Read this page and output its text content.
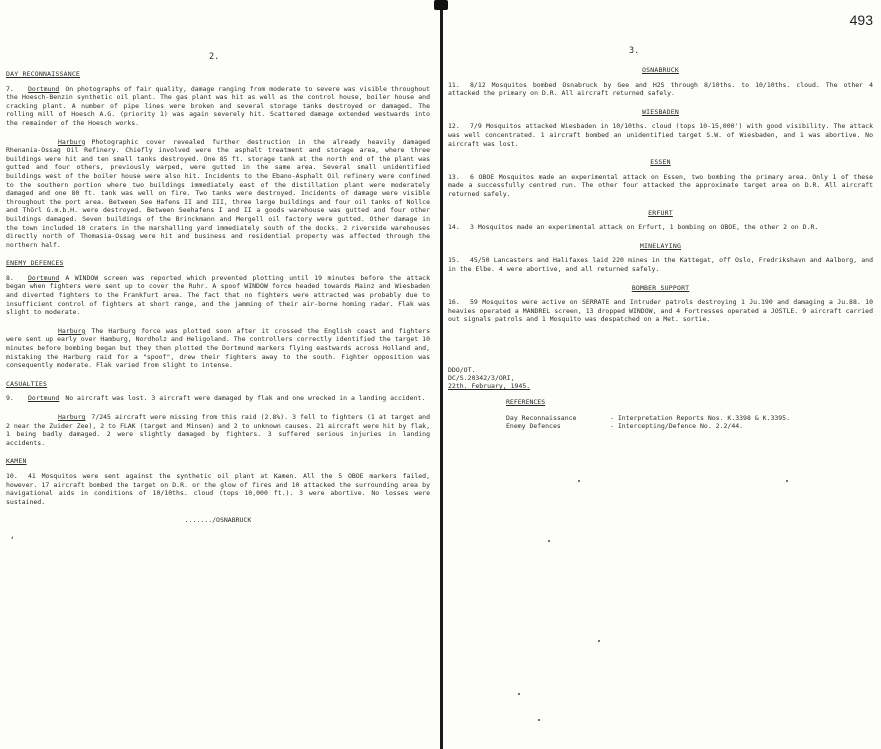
493
2.
3.
DAY RECONNAISSANCE
7. Dortmund On photographs of fair quality, damage ranging from moderate to severe was visible throughout the Hoesch-Benzin synthetic oil plant. The gas plant was hit as well as the control house, boiler house and cracking plant. A number of pipe lines were broken and several storage tanks destroyed or damaged. The rolling mill of Hoesch A.G. (priority 1) was again severely hit. Scattered damage extended westwards into the remainder of the Hoesch works.
Harburg Photographic cover revealed further destruction in the already heavily damaged Rhenania-Ossag Oil Refinery. Chiefly involved were the asphalt treatment and storage area, where three buildings were hit and ten small tanks destroyed. One 85 ft. storage tank at the north end of the plant was gutted and four others, previously warped, were gutted in the same area. Several small unidentified buildings west of the boiler house were also hit. Incidents to the Ebano-Asphalt Oil refinery were confined to the southern portion where two buildings immediately east of the distillation plant were moderately damaged and one 80 ft. tank was well on fire. Two tanks were destroyed. Incidents of damage were visible throughout the port area. Between See Hafens II and III, three large buildings and four oil tanks of Nollce and Thörl G.m.b.H. were destroyed. Between Seehafens I and II a goods warehouse was gutted and four other buildings damaged. Seven buildings of the Brinckmann and Mergell oil factory were gutted. Other damage in the town included 10 craters in the marshalling yard immediately south of the docks. 2 riverside warehouses directly north of Thomasia-Ossag were hit and business and residential property was affected through the northern half.
ENEMY DEFENCES
8. Dortmund A WINDOW screen was reported which prevented plotting until 19 minutes before the attack began when fighters were sent up to cover the Ruhr. A spoof WINDOW force headed towards Mainz and Wiesbaden and diverted fighters to the Frankfurt area. The fact that no fighters were attracted was probably due to insufficient control of fighters at short range, and the jamming of their air-borne homing radar. Flak was slight to moderate.
Harburg The Harburg force was plotted soon after it crossed the English coast and fighters were sent up early over Hamburg, Nordholz and Heligoland. The controllers correctly identified the target 10 minutes before bombing began but they then plotted the Dortmund markers flying eastwards across Holland and, mistaking the Harburg raid for a "spoof", drew their fighters away to the south. Fighter opposition was consequently moderate. Flak varied from slight to intense.
CASUALTIES
9. Dortmund No aircraft was lost. 3 aircraft were damaged by flak and one wrecked in a landing accident.
Harburg 7/245 aircraft were missing from this raid (2.8%). 3 fell to fighters (1 at target and 2 near the Zuider Zee), 2 to FLAK (target and Minsen) and 2 to unknown causes. 21 aircraft were hit by flak, 1 being badly damaged. 2 were slightly damaged by fighters. 3 suffered serious injuries in landing accidents.
KAMEN
10. 41 Mosquitos were sent against the synthetic oil plant at Kamen. All the 5 OBOE markers failed, however. 17 aircraft bombed the target on D.R. or the glow of fires and 10 attacked the surrounding area by navigational aids in conditions of 10/10ths. cloud (tops 10,000 ft.). 3 were abortive. No losses were sustained.
......./OSNABRUCK
OSNABRUCK
11. 8/12 Mosquitos bombed Osnabruck by Gee and H2S through 8/10ths. to 10/10ths. cloud. The other 4 attacked the primary on D.R. All aircraft returned safely.
WIESBADEN
12. 7/9 Mosquitos attacked Wiesbaden in 10/10ths. cloud (tops 10-15,000') with good visibility. The attack was well concentrated. 1 aircraft bombed an unidentified target S.W. of Wiesbaden, and 1 was abortive. No aircraft was lost.
ESSEN
13. 6 OBOE Mosquitos made an experimental attack on Essen, two bombing the primary area. Only 1 of these made a successfully centred run. The other four attacked the approximate target area on D.R. All aircraft returned safely.
ERFURT
14. 3 Mosquitos made an experimental attack on Erfurt, 1 bombing on OBOE, the other 2 on D.R.
MINELAYING
15. 45/50 Lancasters and Halifaxes laid 220 mines in the Kattegat, off Oslo, Fredrikshavn and Aalborg, and in the Elbe. 4 were abortive, and all returned safely.
BOMBER SUPPORT
16. 59 Mosquitos were active on SERRATE and Intruder patrols destroying 1 Ju.190 and damaging a Ju.88. 10 heavies operated a MANDREL screen, 13 dropped WINDOW, and 4 Fortresses operated a JOSTLE. 9 aircraft carried out signals patrols and 1 Mosquito was despatched on a Met. sortie.
DDO/OT.
DC/S.20342/3/ORI,
22th. February, 1945.
REFERENCES
Day Reconnaissance	- Interpretation Reports Nos. K.3398 & K.3395.
Enemy Defences	- Intercepting/Defence No. 2.2/44.
‚
